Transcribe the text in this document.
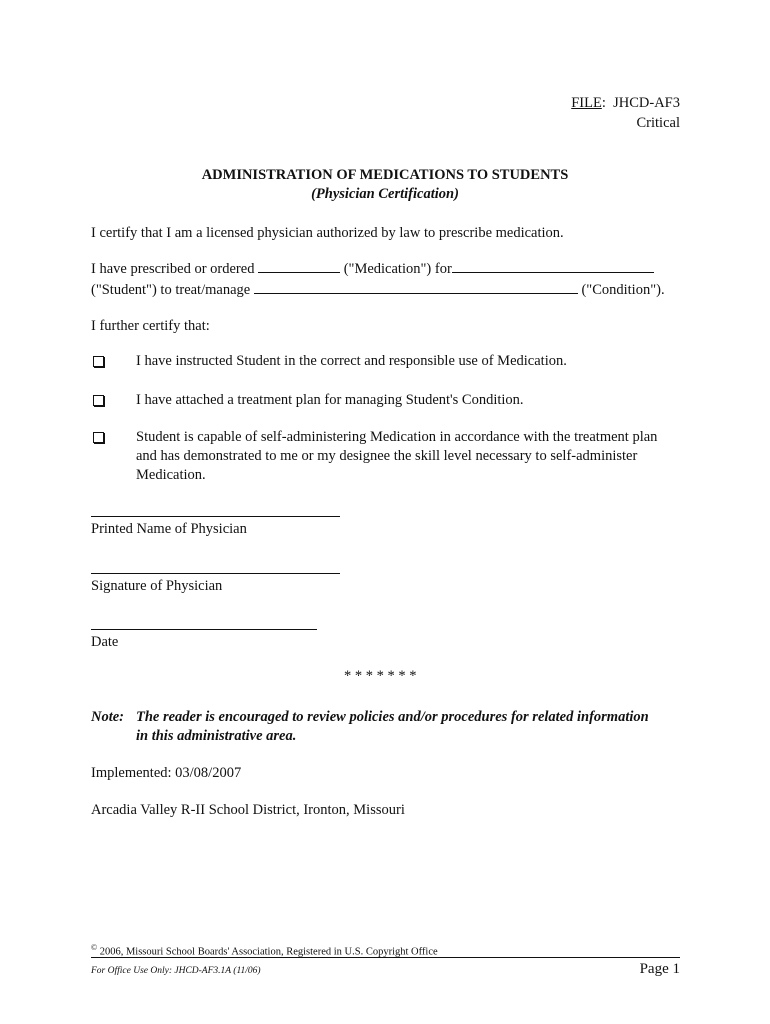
FILE:  JHCD-AF3
Critical
ADMINISTRATION OF MEDICATIONS TO STUDENTS
(Physician Certification)
I certify that I am a licensed physician authorized by law to prescribe medication.
I have prescribed or ordered	("Medication") for
("Student") to treat/manage	("Condition").
I further certify that:
I have instructed Student in the correct and responsible use of Medication.
I have attached a treatment plan for managing Student's Condition.
Student is capable of self-administering Medication in accordance with the treatment plan
and has demonstrated to me or my designee the skill level necessary to self-administer
Medication.
Printed Name of Physician
Signature of Physician
Date
* * * * * * *
Note: The reader is encouraged to review policies and/or procedures for related information
in this administrative area.
Implemented: 03/08/2007
Arcadia Valley R-II School District, Ironton, Missouri
© 2006, Missouri School Boards' Association, Registered in U.S. Copyright Office
For Office Use Only: JHCD-AF3.1A (11/06)	Page 1
